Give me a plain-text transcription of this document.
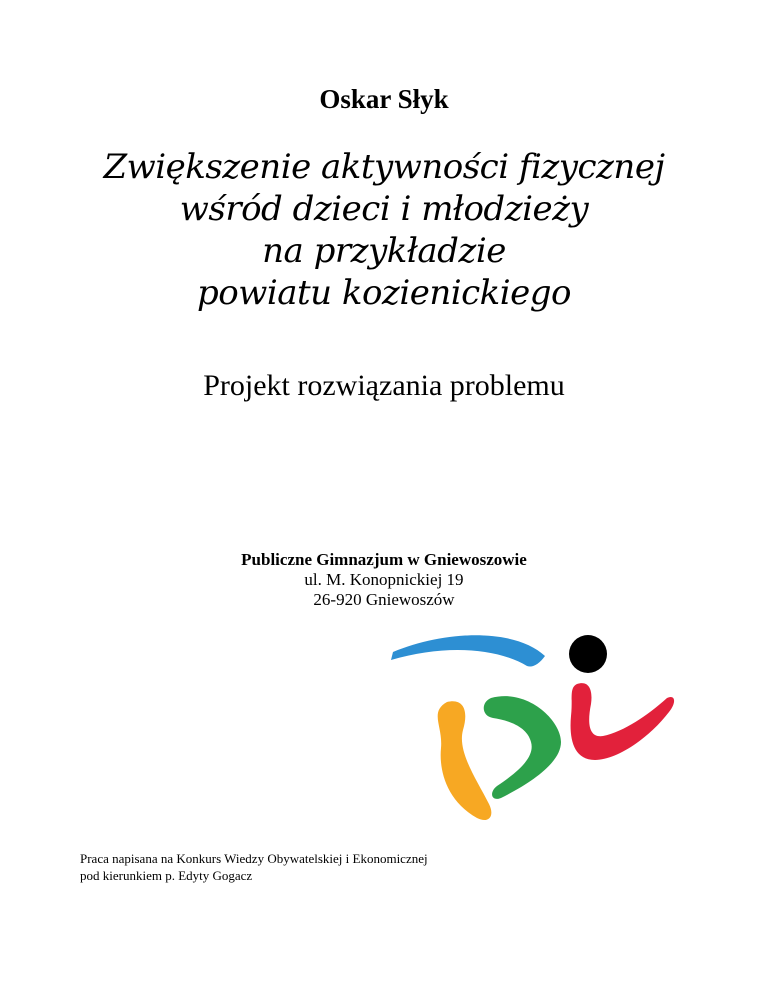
Oskar Słyk
Zwiększenie aktywności fizycznej
wśród dzieci i młodzieży
na przykładzie
powiatu kozienickiego
Projekt rozwiązania problemu
Publiczne Gimnazjum w Gniewoszowie
ul. M. Konopnickiej 19
26-920 Gniewoszów
Praca napisana na Konkurs Wiedzy Obywatelskiej i Ekonomicznej
pod kierunkiem p. Edyty Gogacz
